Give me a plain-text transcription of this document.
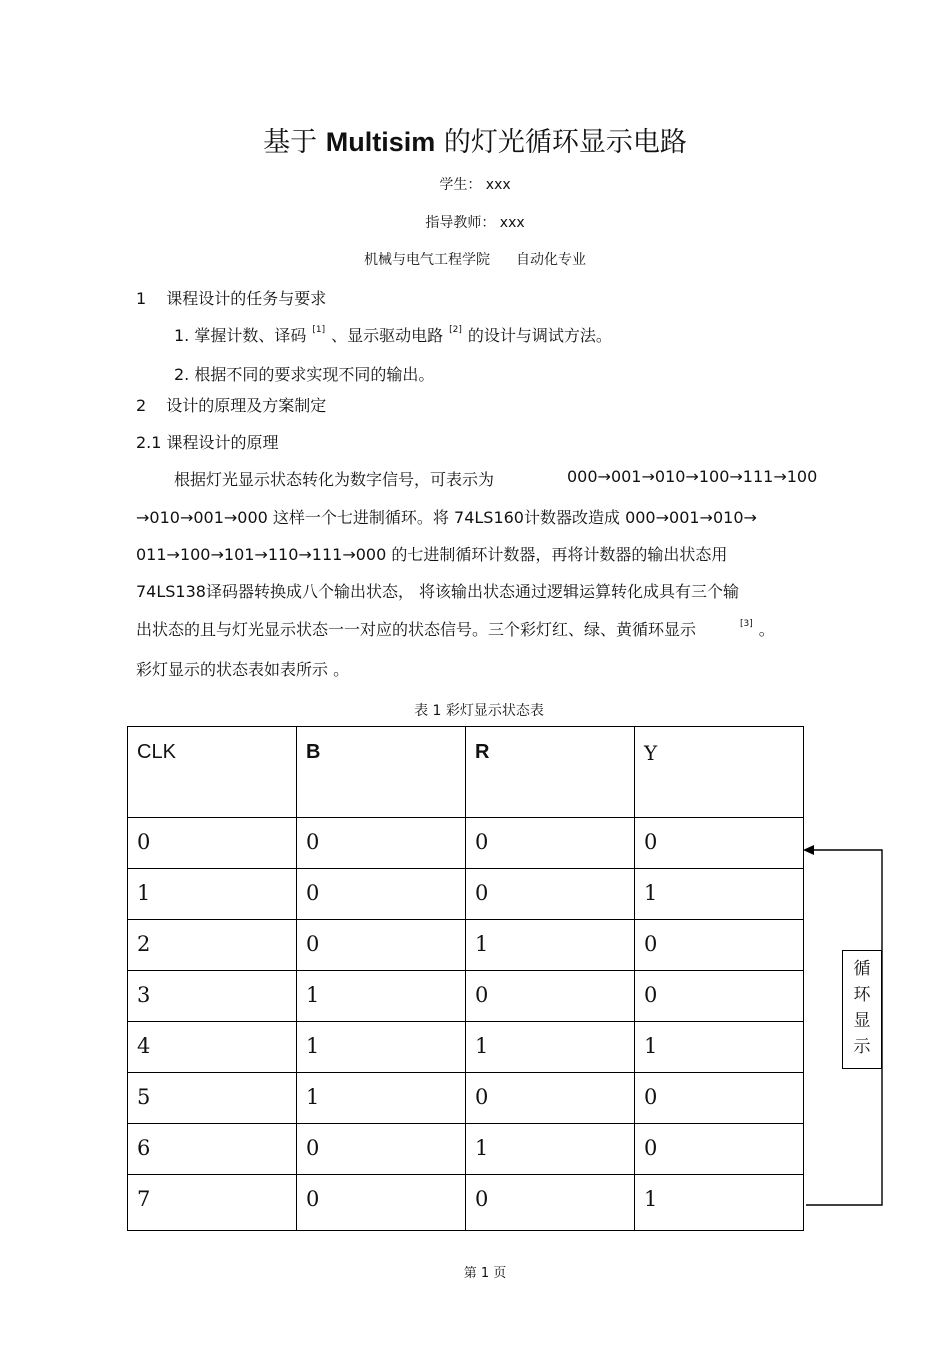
基于 Multisim 的灯光循环显示电路
学生： xxx
指导教师： xxx
机械与电气工程学院 自动化专业
1 课程设计的任务与要求
1. 掌握计数、译码 [1] 、显示驱动电路 [2] 的设计与调试方法。
2. 根据不同的要求实现不同的输出。
2 设计的原理及方案制定
2.1 课程设计的原理
根据灯光显示状态转化为数字信号，可表示为	000→001→010→100→111→100
→010→001→000 这样一个七进制循环。将 74LS160计数器改造成 000→001→010→
011→100→101→110→111→000 的七进制循环计数器，再将计数器的输出状态用
74LS138译码器转换成八个输出状态， 将该输出状态通过逻辑运算转化成具有三个输
出状态的且与灯光显示状态一一对应的状态信号。三个彩灯红、绿、黄循环显示	[3] 。
彩灯显示的状态表如表所示 。
表 1 彩灯显示状态表
CLK	B	R	Y
0	0	0	0
1	0	0	1
2	0	1	0
3	1	0	0
4	1	1	1
5	1	0	0
6	0	1	0
7	0	0	1
循
环
显
示
第 1 页
